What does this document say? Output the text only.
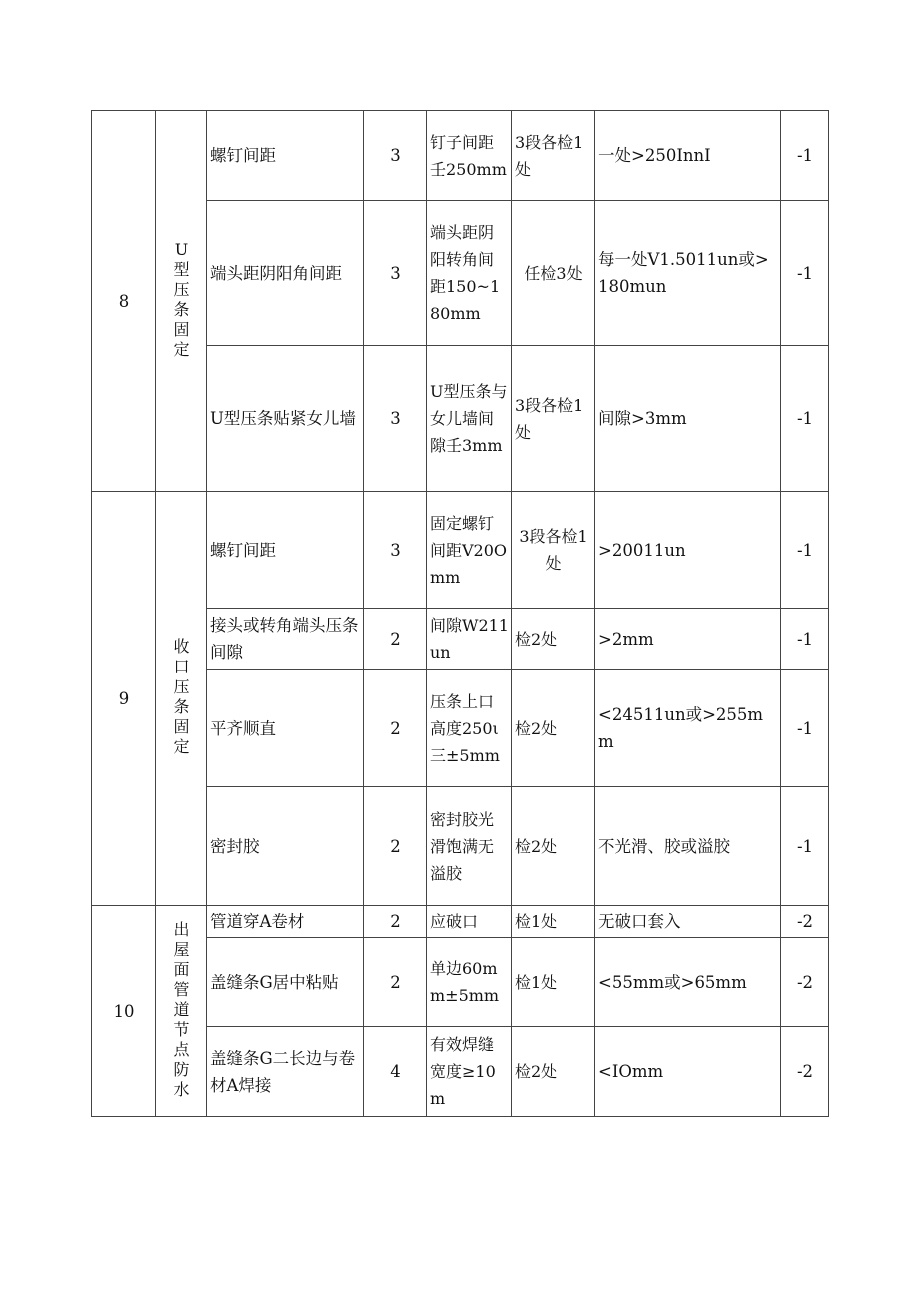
8	U型压条固定	螺钉间距	3	钉子间距壬250mm	3段各检1处	一处>250InnI	-1
		端头距阴阳角间距	3	端头距阴阳转角间距150~180mm	任检3处	每一处V1.5011un或>180mun	-1
		U型压条贴紧女儿墙	3	U型压条与女儿墙间隙壬3mm	3段各检1处	间隙>3mm	-1
9	收口压条固定	螺钉间距	3	固定螺钉间距V20Omm	3段各检1处	>20011un	-1
		接头或转角端头压条间隙	2	间隙W211un	检2处	>2mm	-1
		平齐顺直	2	压条上口高度250ι三±5mm	检2处	<24511un或>255mm	-1
		密封胶	2	密封胶光滑饱满无溢胶	检2处	不光滑、胶或溢胶	-1
10	出屋面管道节点防水	管道穿A卷材	2	应破口	检1处	无破口套入	-2
		盖缝条G居中粘贴	2	单边60mm±5mm	检1处	<55mm或>65mm	-2
		盖缝条G二长边与卷材A焊接	4	有效焊缝宽度≥10m	检2处	<IOmm	-2
